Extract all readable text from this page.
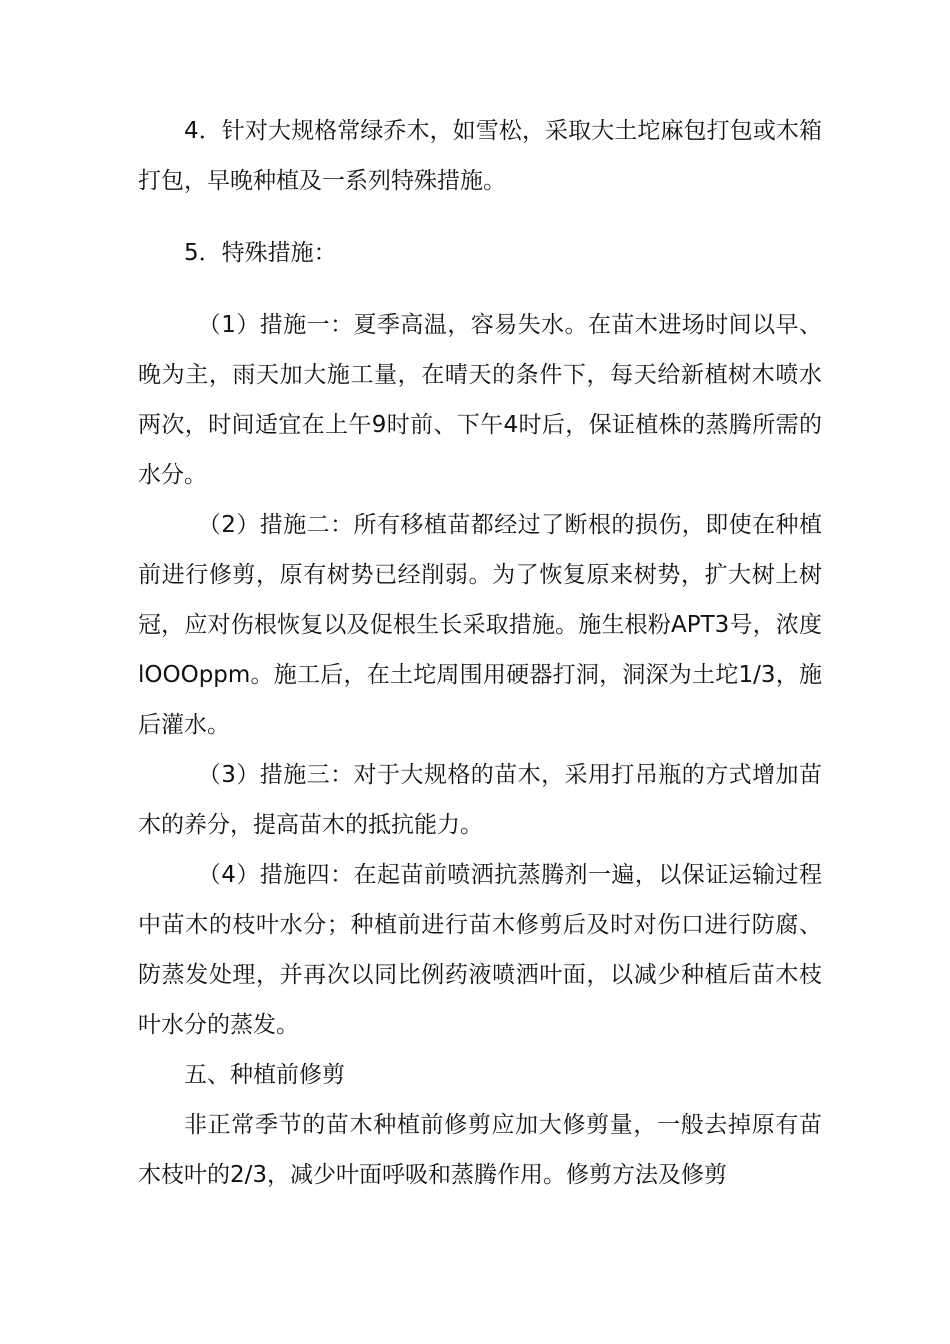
4．针对大规格常绿乔木，如雪松，采取大土坨麻包打包或木箱打包，早晚种植及一系列特殊措施。

5．特殊措施：

（1）措施一：夏季高温，容易失水。在苗木进场时间以早、晚为主，雨天加大施工量，在晴天的条件下，每天给新植树木喷水两次，时间适宜在上午9时前、下午4时后，保证植株的蒸腾所需的水分。

（2）措施二：所有移植苗都经过了断根的损伤，即使在种植前进行修剪，原有树势已经削弱。为了恢复原来树势，扩大树上树冠，应对伤根恢复以及促根生长采取措施。施生根粉APT3号，浓度lOOOppm。施工后，在土坨周围用硬器打洞，洞深为土坨1/3，施后灌水。

（3）措施三：对于大规格的苗木，采用打吊瓶的方式增加苗木的养分，提高苗木的抵抗能力。

（4）措施四：在起苗前喷洒抗蒸腾剂一遍，以保证运输过程中苗木的枝叶水分；种植前进行苗木修剪后及时对伤口进行防腐、防蒸发处理，并再次以同比例药液喷洒叶面，以减少种植后苗木枝叶水分的蒸发。

五、种植前修剪

非正常季节的苗木种植前修剪应加大修剪量，一般去掉原有苗木枝叶的2/3，减少叶面呼吸和蒸腾作用。修剪方法及修剪
